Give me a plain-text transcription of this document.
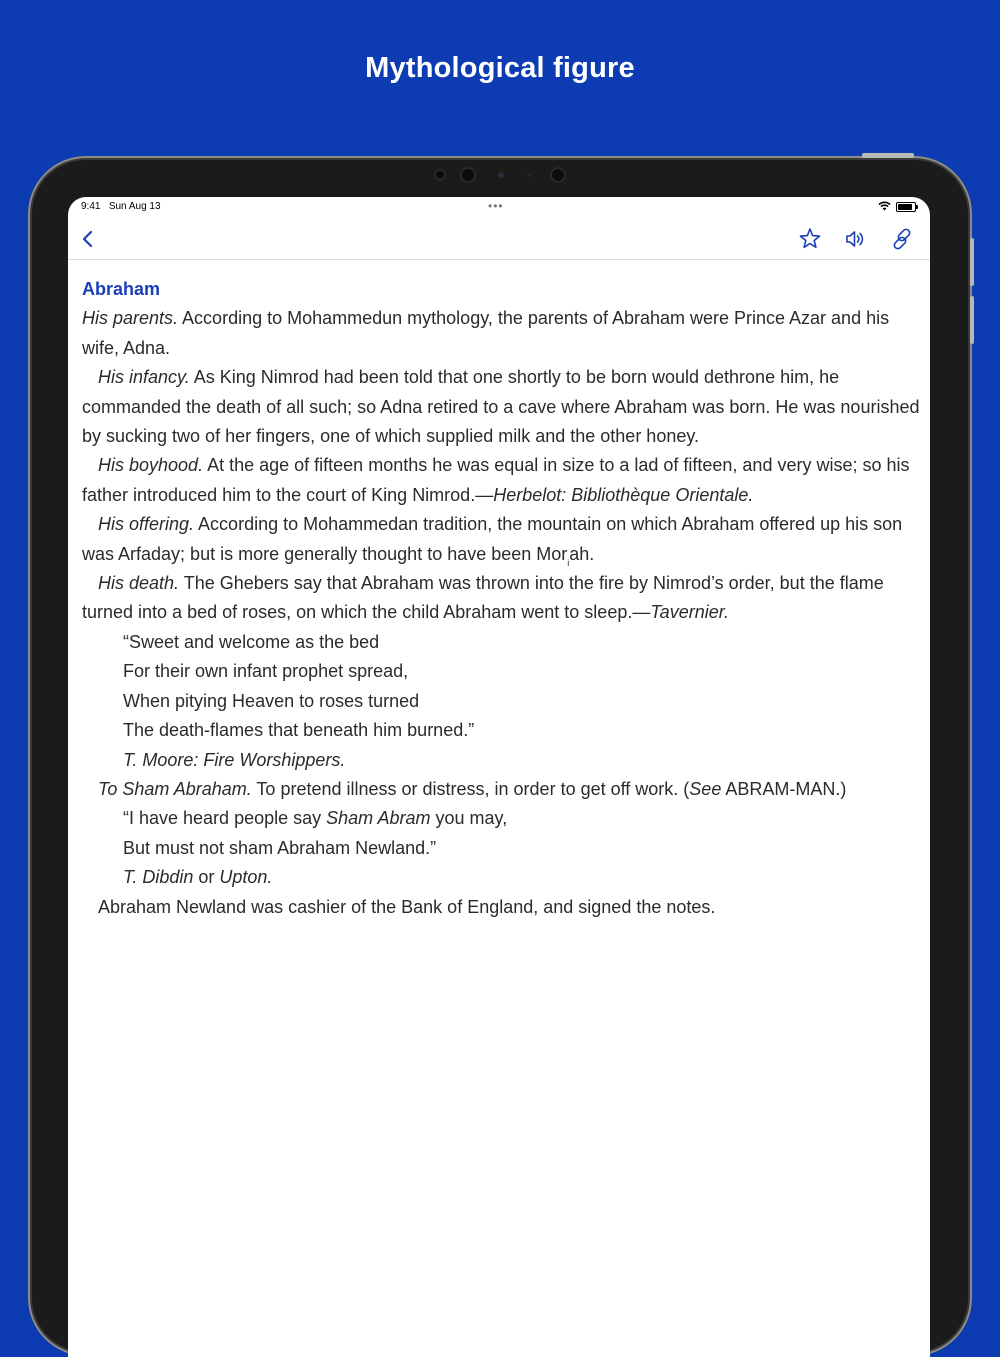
Mythological figure
9:41 Sun Aug 13	•••

Abraham

His parents. According to Mohammedun mythology, the parents of Abraham were Prince Azar and his wife, Adna.

His infancy. As King Nimrod had been told that one shortly to be born would dethrone him, he commanded the death of all such; so Adna retired to a cave where Abraham was born. He was nourished by sucking two of her fingers, one of which supplied milk and the other honey.

His boyhood. At the age of fifteen months he was equal in size to a lad of fifteen, and very wise; so his father introduced him to the court of King Nimrod.—Herbelot: Bibliothèque Orientale.

His offering. According to Mohammedan tradition, the mountain on which Abraham offered up his son was Arfaday; but is more generally thought to have been Mor$_i$ah.

His death. The Ghebers say that Abraham was thrown into the fire by Nimrod’s order, but the flame turned into a bed of roses, on which the child Abraham went to sleep.—Tavernier.

“Sweet and welcome as the bed

For their own infant prophet spread,

When pitying Heaven to roses turned

The death-flames that beneath him burned.”

T. Moore: Fire Worshippers.

To Sham Abraham. To pretend illness or distress, in order to get off work. (See ABRAM-MAN.)

“I have heard people say Sham Abram you may,

But must not sham Abraham Newland.”

T. Dibdin or Upton.

Abraham Newland was cashier of the Bank of England, and signed the notes.
